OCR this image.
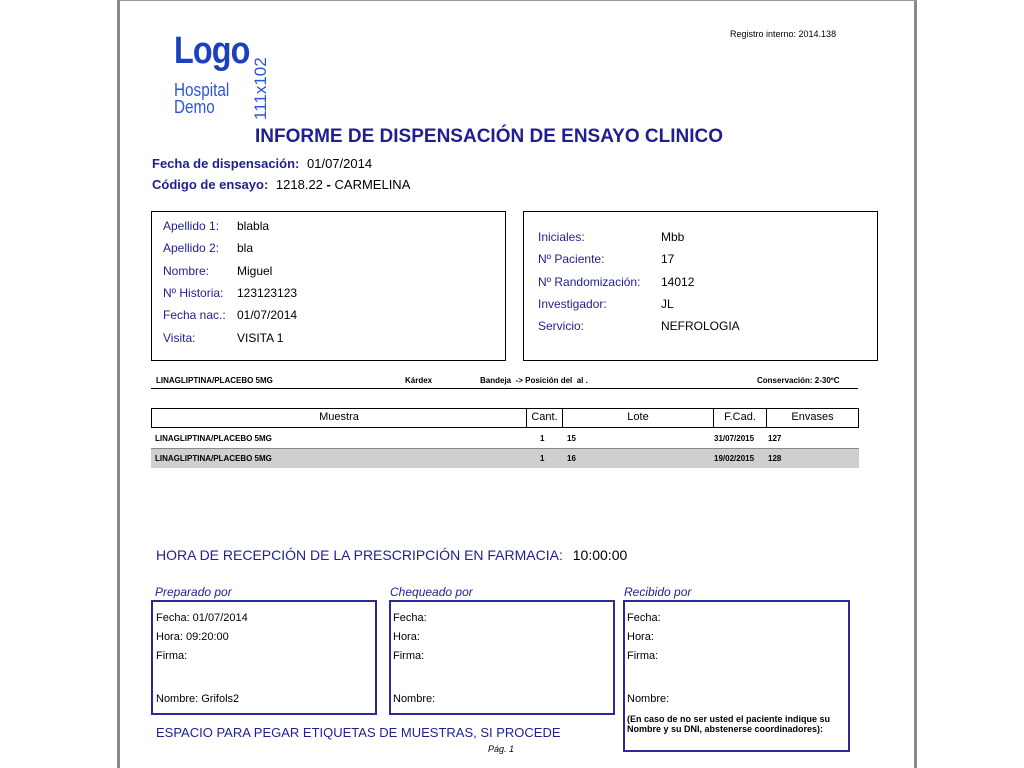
Registro interno: 2014.138
Logo
Hospital
Demo 111x102
INFORME DE DISPENSACIÓN DE ENSAYO CLINICO
Fecha de dispensación: 01/07/2014
Código de ensayo: 1218.22 - CARMELINA
Apellido 1: blabla
Apellido 2: bla
Nombre: Miguel
Nº Historia: 123123123
Fecha nac.: 01/07/2014
Visita:	VISITA 1
Iniciales:	Mbb
Nº Paciente:	17
Nº Randomización: 14012
Investigador:	JL
Servicio:	NEFROLOGIA
LINAGLIPTINA/PLACEBO 5MG	Kárdex	Bandeja  -> Posición del  al .	Conservación: 2-30ºC
Muestra	Cant.	Lote	F.Cad.	Envases
LINAGLIPTINA/PLACEBO 5MG	1	15	31/07/2015 127
LINAGLIPTINA/PLACEBO 5MG	1	16	19/02/2015 128
HORA DE RECEPCIÓN DE LA PRESCRIPCIÓN EN FARMACIA: 10:00:00
Preparado por	Chequeado por	Recibido por
Fecha: 01/07/2014
Hora: 09:20:00
Firma:
Nombre: Grifols2
Fecha:
Hora:
Firma:
Nombre:
Fecha:
Hora:
Firma:
Nombre:
(En caso de no ser usted el paciente indique su Nombre y su DNI, abstenerse coordinadores):
ESPACIO PARA PEGAR ETIQUETAS DE MUESTRAS, SI PROCEDE
Pág. 1
